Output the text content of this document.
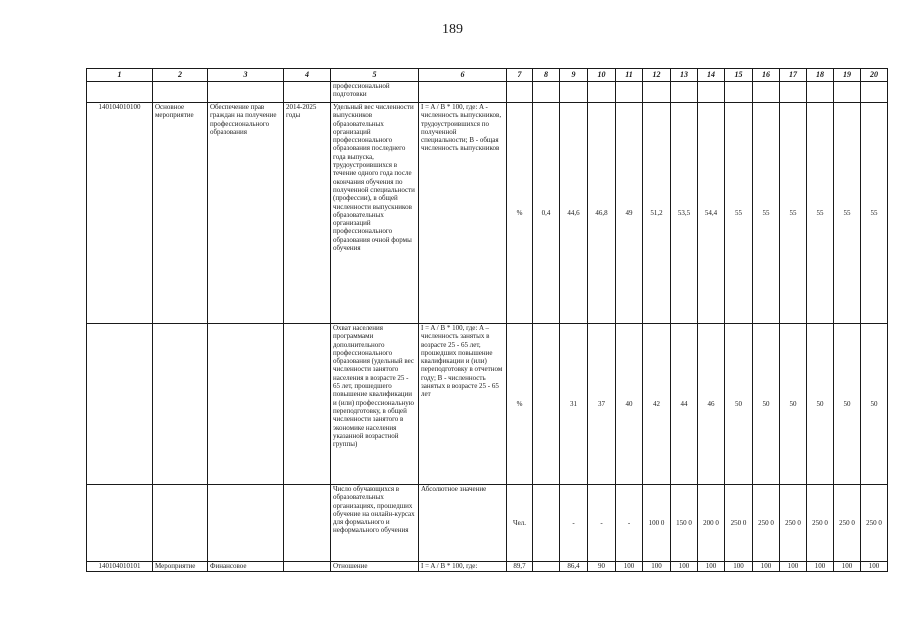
189
1	2	3	4	5	6	7	8	9	10	11	12	13	14	15	16	17	18	19	20
				профессиональной подготовки															
140104010100	Основное мероприятие	Обеспечение прав граждан на получение профессионального образования	2014-2025 годы	Удельный вес численности выпускников образовательных организаций профессионального образования последнего года выпуска, трудоустроившихся в течение одного года после окончания обучения по полученной специальности (профессии), в общей численности выпускников образовательных организаций профессионального образования очной формы обучения	I = A / B * 100, где: A - численность выпускников, трудоустроившихся по полученной специальности; B - общая численность выпускников	%	0,4	44,6	46,8	49	51,2	53,5	54,4	55	55	55	55	55	55
				Охват населения программами дополнительного профессионального образования (удельный вес численности занятого населения в возрасте 25 - 65 лет, прошедшего повышение квалификации и (или) профессиональную переподготовку, в общей численности занятого в экономике населения указанной возрастной группы)	I = A / B * 100, где: A – численность занятых в возрасте 25 - 65 лет, прошедших повышение квалификации и (или) переподготовку в отчетном году; B - численность занятых в возрасте 25 - 65 лет	%		31	37	40	42	44	46	50	50	50	50	50	50
				Число обучающихся в образовательных организациях, прошедших обучение на онлайн-курсах для формального и неформального обучения	Абсолютное значение	Чел.		-	-	-	100 0	150 0	200 0	250 0	250 0	250 0	250 0	250 0	250 0
140104010101	Мероприятие	Финансовое		Отношение	I = A / B * 100, где:	89,7		86,4	90	100	100	100	100	100	100	100	100	100	100
